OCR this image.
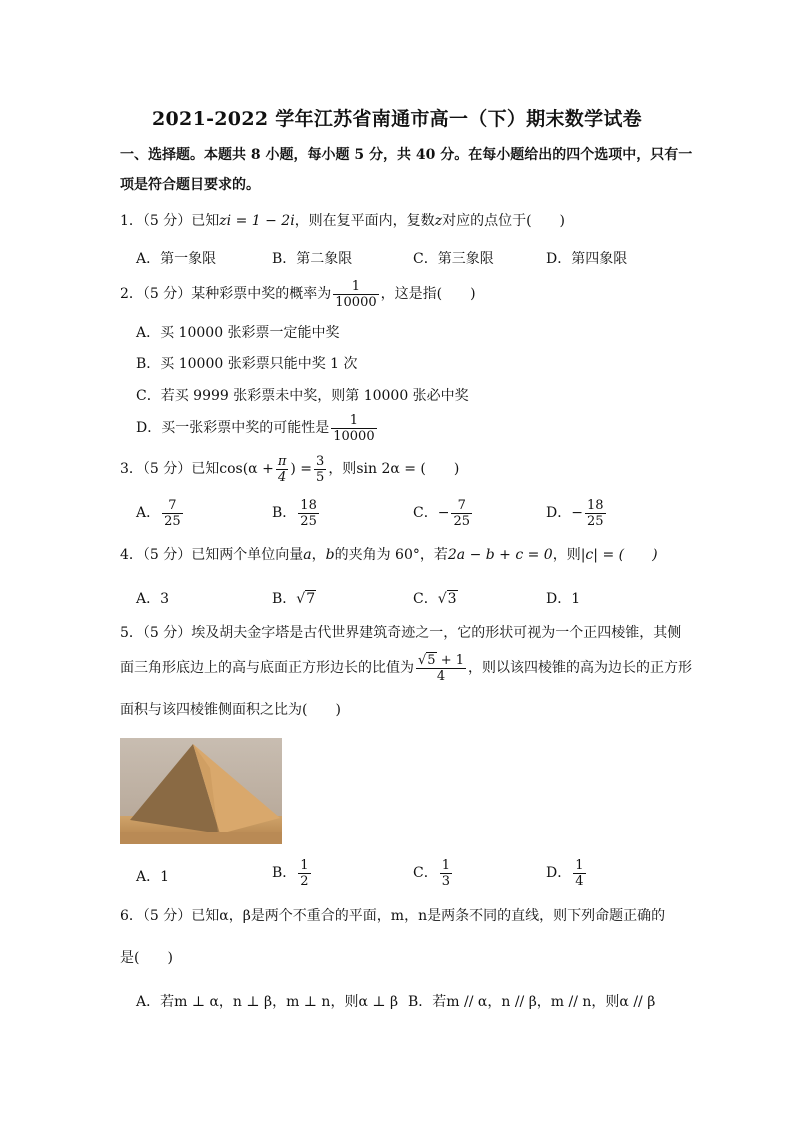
2021-2022 学年江苏省南通市高一（下）期末数学试卷
一、选择题。本题共 8 小题，每小题 5 分，共 40 分。在每小题给出的四个选项中，只有一
项是符合题目要求的。
1．（5 分）已知zi = 1 − 2i，则在复平面内，复数z对应的点位于(　　)
A．第一象限	B．第二象限	C．第三象限	D．第四象限
2．（5 分）某种彩票中奖的概率为 $\frac{1}{10000}$ ，这是指(　　)
A．买 10000 张彩票一定能中奖
B．买 10000 张彩票只能中奖 1 次
C．若买 9999 张彩票未中奖，则第 10000 张必中奖
D．买一张彩票中奖的可能性是 $\frac{1}{10000}$
3．（5 分）已知$\cos(\alpha + \frac{\pi}{4}$ ) = $\frac{3}{5}$ ，则sin 2α = (　　)
A． $\frac{7}{25}$	B． $\frac{18}{25}$	C．− $\frac{7}{25}$	D．− $\frac{18}{25}$
4．（5 分）已知两个单位向量a，b的夹角为 60°，若2a − b + c = 0，则|c| = (　　)
A．3	B．√7	C．√3	D．1
5．（5 分）埃及胡夫金字塔是古代世界建筑奇迹之一，它的形状可视为一个正四棱锥，其侧
面三角形底边上的高与底面正方形边长的比值为 $\frac{√5 + 1}{4}$ ，则以该四棱锥的高为边长的正方形
面积与该四棱锥侧面积之比为(　　)
A．1	B． $\frac{1}{2}$	C． $\frac{1}{3}$	D． $\frac{1}{4}$
6．（5 分）已知α，β是两个不重合的平面，m，n是两条不同的直线，则下列命题正确的
是(　　)
A．若m ⊥ α，n ⊥ β，m ⊥ n，则α ⊥ β B．若m // α，n // β，m // n，则α // β
